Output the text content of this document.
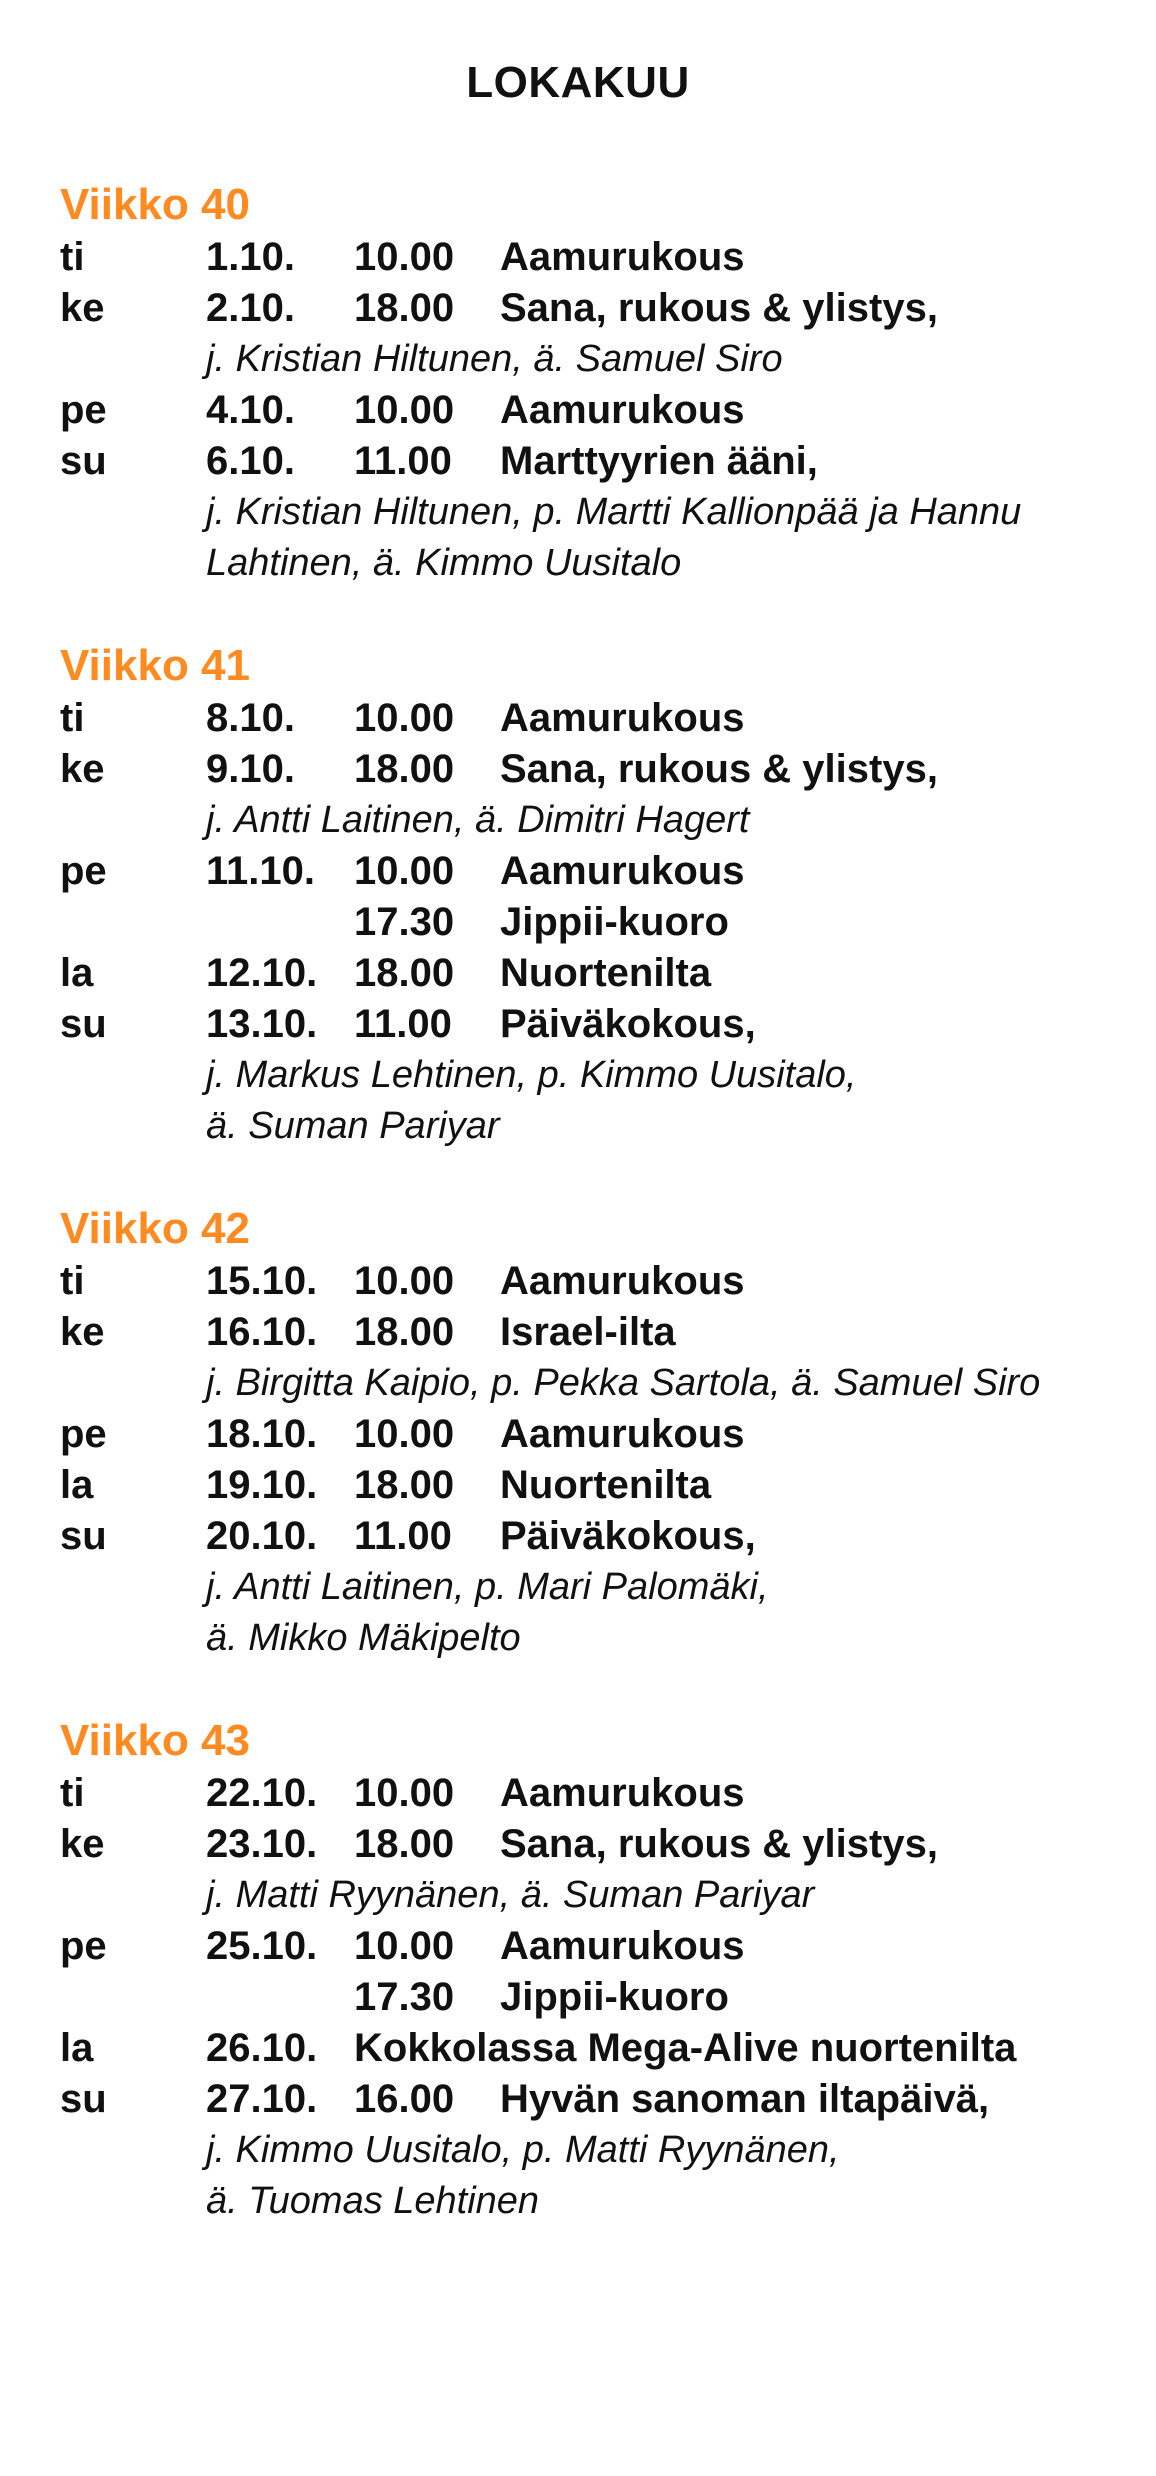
LOKAKUU
Viikko 40
ti	1.10.	10.00	Aamurukous
ke	2.10.	18.00	Sana, rukous & ylistys,
j. Kristian Hiltunen, ä. Samuel Siro
pe	4.10.	10.00	Aamurukous
su	6.10.	11.00	Marttyyrien ääni,
j. Kristian Hiltunen, p. Martti Kallionpää ja Hannu
Lahtinen, ä. Kimmo Uusitalo
Viikko 41
ti	8.10.	10.00	Aamurukous
ke	9.10.	18.00	Sana, rukous & ylistys,
j. Antti Laitinen, ä. Dimitri Hagert
pe	11.10. 10.00	Aamurukous
17.30	Jippii-kuoro
la	12.10. 18.00	Nuortenilta
su	13.10. 11.00	Päiväkokous,
j. Markus Lehtinen, p. Kimmo Uusitalo,
ä. Suman Pariyar
Viikko 42
ti	15.10. 10.00	Aamurukous
ke	16.10. 18.00	Israel-ilta
j. Birgitta Kaipio, p. Pekka Sartola, ä. Samuel Siro
pe	18.10. 10.00	Aamurukous
la	19.10. 18.00	Nuortenilta
su	20.10. 11.00	Päiväkokous,
j. Antti Laitinen, p. Mari Palomäki,
ä. Mikko Mäkipelto
Viikko 43
ti	22.10. 10.00	Aamurukous
ke	23.10. 18.00	Sana, rukous & ylistys,
j. Matti Ryynänen, ä. Suman Pariyar
pe	25.10. 10.00	Aamurukous
17.30	Jippii-kuoro
la	26.10. Kokkolassa Mega-Alive nuortenilta
su	27.10. 16.00	Hyvän sanoman iltapäivä,
j. Kimmo Uusitalo, p. Matti Ryynänen,
ä. Tuomas Lehtinen
